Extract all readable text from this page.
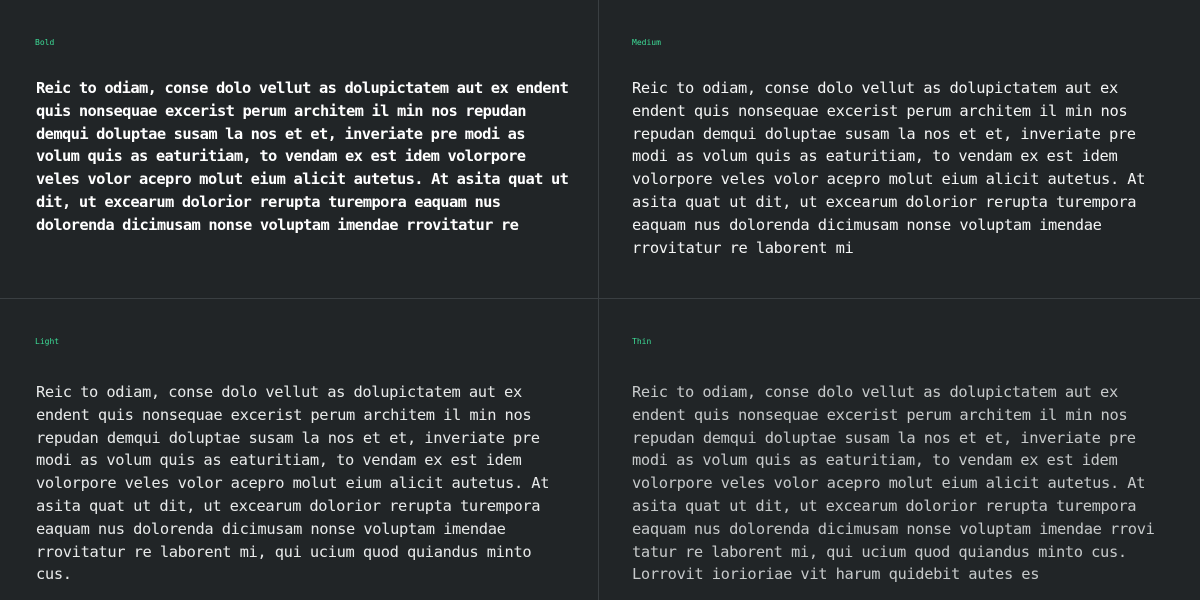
Bold
Reic to odiam, conse dolo vellut as dolupictatem aut ex endent quis nonsequae excerist perum architem il min nos repudan demqui doluptae susam la nos et et, inveriate pre modi as volum quis as eaturitiam, to vendam ex est idem volorpore veles volor acepro molut eium alicit autetus. At asita quat ut dit, ut excearum dolorior rerupta turempora eaquam nus dolorenda dicimusam nonse voluptam imendae rrovitatur re
Medium
Reic to odiam, conse dolo vellut as dolupictatem aut ex endent quis nonsequae excerist perum architem il min nos repudan demqui doluptae susam la nos et et, inveriate pre modi as volum quis as eaturitiam, to vendam ex est idem volorpore veles volor acepro molut eium alicit autetus. At asita quat ut dit, ut excearum dolorior rerupta turempora eaquam nus dolorenda dicimusam nonse voluptam imendae rrovitatur re laborent mi
Light
Reic to odiam, conse dolo vellut as dolupictatem aut ex endent quis nonsequae excerist perum architem il min nos repudan demqui doluptae susam la nos et et, inveriate pre modi as volum quis as eaturitiam, to vendam ex est idem volorpore veles volor acepro molut eium alicit autetus. At asita quat ut dit, ut excearum dolorior rerupta turempora eaquam nus dolorenda dicimusam nonse voluptam imendae rrovitatur re laborent mi, qui ucium quod quiandus minto cus.
Thin
Reic to odiam, conse dolo vellut as dolupictatem aut ex endent quis nonsequae excerist perum architem il min nos repudan demqui doluptae susam la nos et et, inveriate pre modi as volum quis as eaturitiam, to vendam ex est idem volorpore veles volor acepro molut eium alicit autetus. At asita quat ut dit, ut excearum dolorior rerupta turempora eaquam nus dolorenda dicimusam nonse voluptam imendae rrovi tatur re laborent mi, qui ucium quod quiandus minto cus. Lorrovit iorioriae vit harum quidebit autes es
